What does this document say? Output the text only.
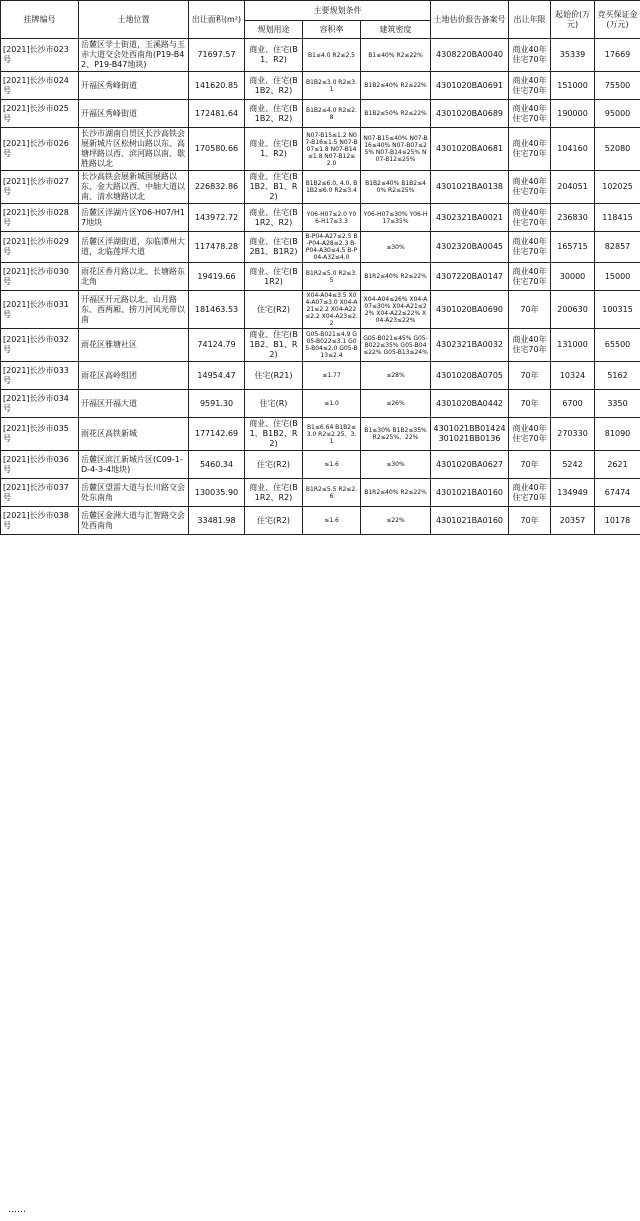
挂牌编号	土地位置	出让面积(m²)	主要规划条件			土地估价报告备案号	出让年限	起始价(万元)	竞买保证金(万元)
			规划用途	容积率	建筑密度				
[2021]长沙市023号	岳麓区学士街道，玉溪路与玉赤大道交会处西南角(P19-B42、P19-B47地块)	71697.57	商业、住宅(B1、R2)	B1≤4.0 R2≤2.5	B1≤40% R2≤22%	4308220BA0040	商业40年住宅70年	35339	17669
[2021]长沙市024号	开福区秀峰街道	141620.85	商业、住宅(B1B2、R2)	B1B2≤3.0 R2≤3.1	B1B2≤40% R2≤22%	4301020BA0691	商业40年住宅70年	151000	75500
[2021]长沙市025号	开福区秀峰街道	172481.64	商业、住宅(B1B2、R2)	B1B2≤4.0 R2≤2.8	B1B2≤50% R2≤22%	4301020BA0689	商业40年住宅70年	190000	95000
[2021]长沙市026号	长沙市湖南自贸区长沙高铁会展新城片区松树山路以东、高塘坪路以西、滨河路以南、歇胜路以北	170580.66	商业、住宅(B1、R2)	N07-B15≤1.2 N07-B16≤1.5 N07-B07≤1.8 N07-B14≤1.8 N07-B12≤2.0	N07-B15≤40% N07-B16≤40% N07-B07≤25% N07-B14≤25% N07-B12≤25%	4301020BA0681	商业40年住宅70年	104160	52080
[2021]长沙市027号	长沙高铁会展新城国展路以东、金大路以西、中轴大道以南、清水塘路以北	226832.86	商业、住宅(B1B2、B1、R2)	B1B2≤6.0, 4.0, B1B2≤6.0 R2≤3.4	B1B2≤40% B1B2≤40% R2≤25%	4301021BA0138	商业40年住宅70年	204051	102025
[2021]长沙市028号	岳麓区洋湖片区Y06-H07/H17地块	143972.72	商业、住宅(B1R2、R2)	Y06-H07≤2.0 Y06-H17≤3.3	Y06-H07≤30% Y06-H17≤35%	4302321BA0021	商业40年住宅70年	236830	118415
[2021]长沙市029号	岳麓区洋湖街道，东临潭州大道，北临莲坪大道	117478.28	商业、住宅(B2B1、B1R2)	B-P04-A27≤2.5 B-P04-A28≤2.3 B-P04-A30≤4.5 B-P04-A32≤4.0	≤30%	4302320BA0045	商业40年住宅70年	165715	82857
[2021]长沙市030号	雨花区香月路以北、长塘路东北角	19419.66	商业、住宅(B1R2)	B1R2≤5.0 R2≤3.5	B1R2≤40% R2≤22%	4307220BA0147	商业40年住宅70年	30000	15000
[2021]长沙市031号	开福区开元路以北、山月路东、西两厢、捞刀河风光带以南	181463.53	住宅(R2)	X04-A04≤3.5 X04-A07≤3.0 X04-A21≤2.2 X04-A22≤2.2 X04-A23≤2.2	X04-A04≤26% X04-A07≤30% X04-A21≤22% X04-A22≤22% X04-A23≤22%	4301020BA0690	70年	200630	100315
[2021]长沙市032号	雨花区雅塘社区	74124.79	商业、住宅(B1B2、B1、R2)	G05-B021≤4.9 G05-B022≤3.1 G05-B04≤2.0 G05-B13≤2.4	G05-B021≤45% G05-B022≤35% G05-B04≤22% G05-B13≤24%	4302321BA0032	商业40年住宅70年	131000	65500
[2021]长沙市033号	雨花区高岭组团	14954.47	住宅(R21)	≤1.77	≤28%	4301020BA0705	70年	10324	5162
[2021]长沙市034号	开福区开福大道	9591.30	住宅(R)	≤1.0	≤26%	4301020BA0442	70年	6700	3350
[2021]长沙市035号	雨花区高铁新城	177142.69	商业、住宅(B1、B1B2、R2)	B1≤6.64 B1B2≤3.0 R2≤2.25、3.1	B1≤30% B1B2≤35% R2≤25%、22%	4301021BB01424 301021BB0136	商业40年住宅70年	270330	81090
[2021]长沙市036号	岳麓区滨江新城片区(C09-1-D-4-3-4地块)	5460.34	住宅(R2)	≤1.6	≤30%	4301020BA0627	70年	5242	2621
[2021]长沙市037号	岳麓区望雷大道与长川路交会处东南角	130035.90	商业、住宅(B1R2、R2)	B1R2≤5.5 R2≤2.6	B1R2≤40% R2≤22%	4301021BA0160	商业40年住宅70年	134949	67474
[2021]长沙市038号	岳麓区金洲大道与汇智路交会处西南角	33481.98	住宅(R2)	≤1.6	≤22%	4301021BA0160	70年	20357	10178
……
